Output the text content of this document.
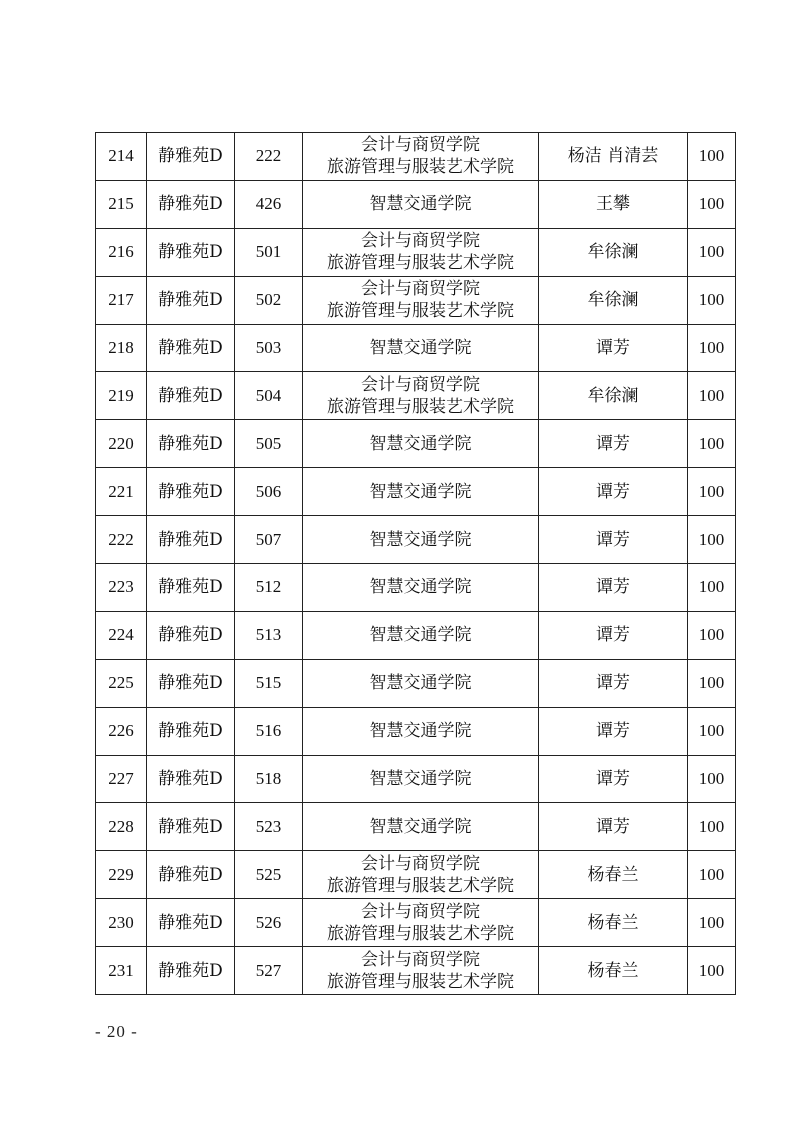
214	静雅苑D	222	会计与商贸学院
旅游管理与服装艺术学院	杨洁 肖清芸	100
215	静雅苑D	426	智慧交通学院	王攀	100
216	静雅苑D	501	会计与商贸学院
旅游管理与服装艺术学院	牟徐澜	100
217	静雅苑D	502	会计与商贸学院
旅游管理与服装艺术学院	牟徐澜	100
218	静雅苑D	503	智慧交通学院	谭芳	100
219	静雅苑D	504	会计与商贸学院
旅游管理与服装艺术学院	牟徐澜	100
220	静雅苑D	505	智慧交通学院	谭芳	100
221	静雅苑D	506	智慧交通学院	谭芳	100
222	静雅苑D	507	智慧交通学院	谭芳	100
223	静雅苑D	512	智慧交通学院	谭芳	100
224	静雅苑D	513	智慧交通学院	谭芳	100
225	静雅苑D	515	智慧交通学院	谭芳	100
226	静雅苑D	516	智慧交通学院	谭芳	100
227	静雅苑D	518	智慧交通学院	谭芳	100
228	静雅苑D	523	智慧交通学院	谭芳	100
229	静雅苑D	525	会计与商贸学院
旅游管理与服装艺术学院	杨春兰	100
230	静雅苑D	526	会计与商贸学院
旅游管理与服装艺术学院	杨春兰	100
231	静雅苑D	527	会计与商贸学院
旅游管理与服装艺术学院	杨春兰	100
- 20 -
